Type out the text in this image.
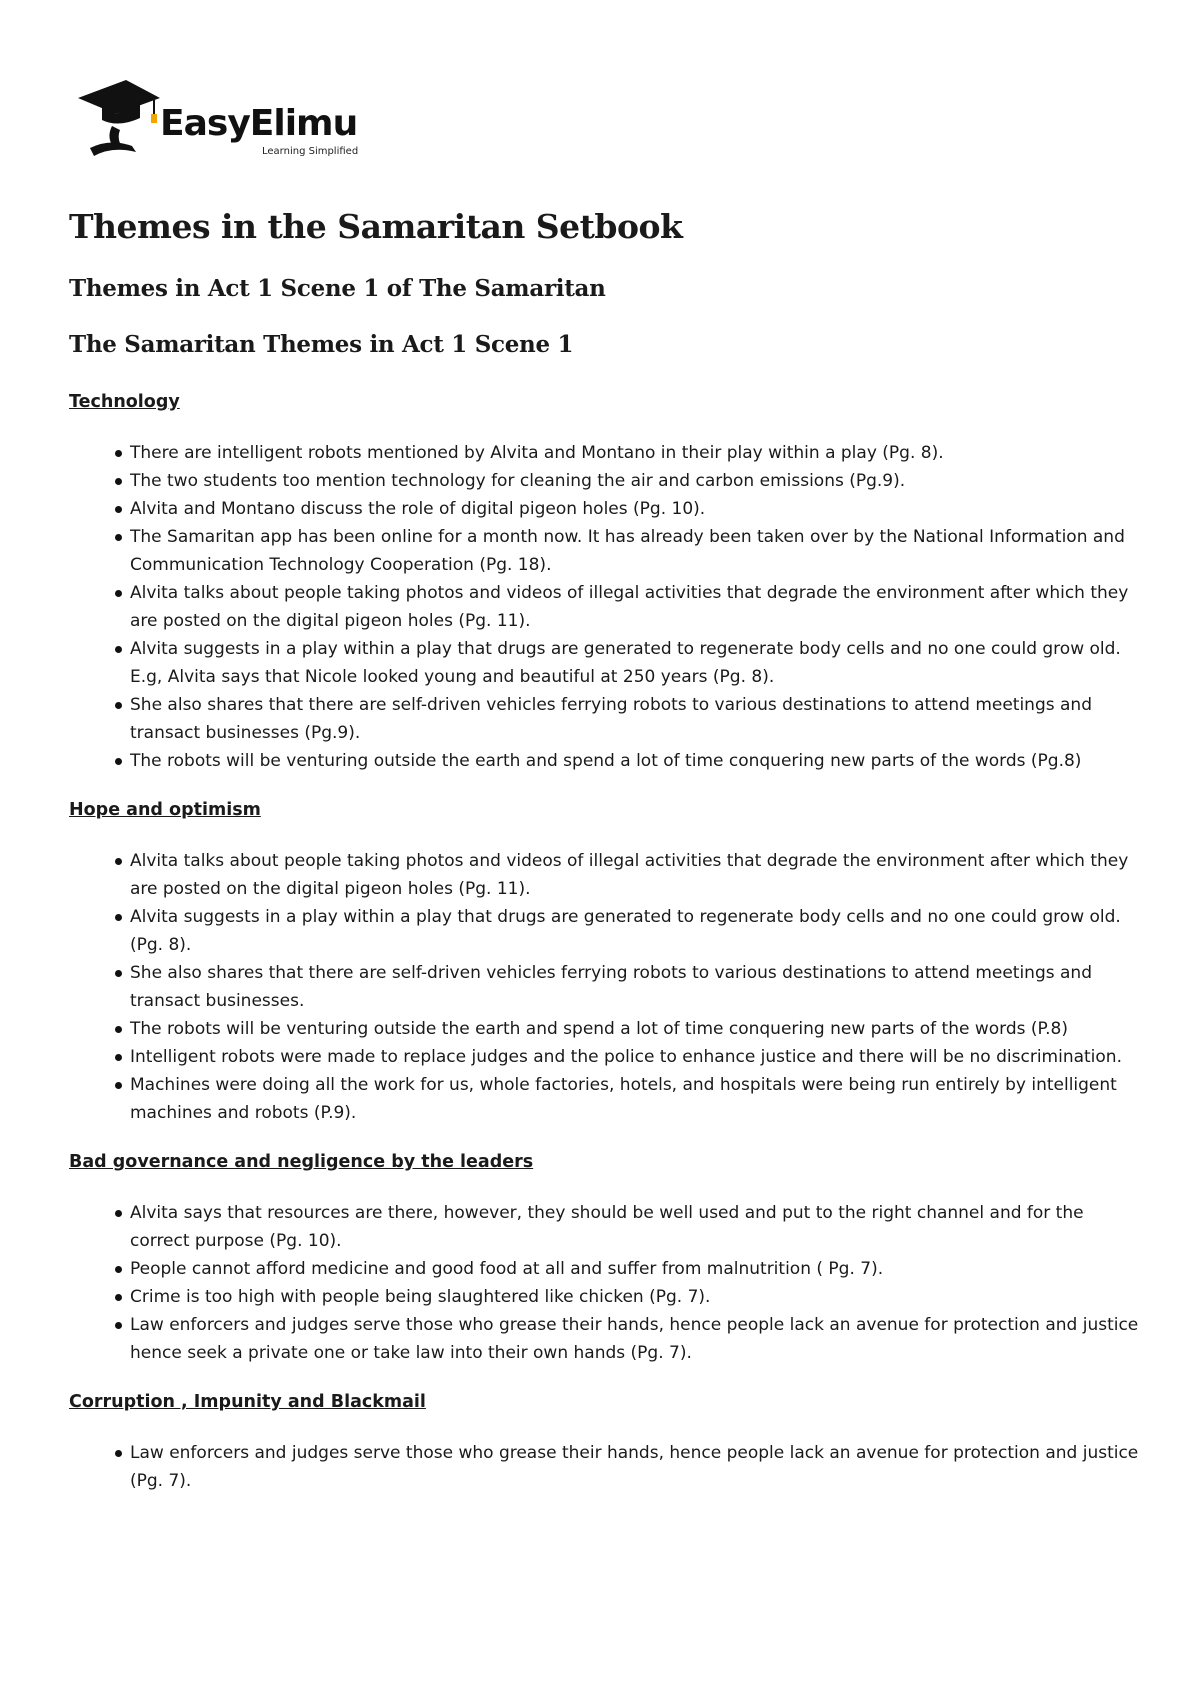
EasyElimu
Learning Simplified
Themes in the Samaritan Setbook
Themes in Act 1 Scene 1 of The Samaritan
The Samaritan Themes in Act 1 Scene 1
Technology
There are intelligent robots mentioned by Alvita and Montano in their play within a play (Pg. 8).
The two students too mention technology for cleaning the air and carbon emissions (Pg.9).
Alvita and Montano discuss the role of digital pigeon holes (Pg. 10).
The Samaritan app has been online for a month now. It has already been taken over by the National Information and Communication Technology Cooperation (Pg. 18).
Alvita talks about people taking photos and videos of illegal activities that degrade the environment after which they are posted on the digital pigeon holes (Pg. 11).
Alvita suggests in a play within a play that drugs are generated to regenerate body cells and no one could grow old. E.g, Alvita says that Nicole looked young and beautiful at 250 years (Pg. 8).
She also shares that there are self-driven vehicles ferrying robots to various destinations to attend meetings and transact businesses (Pg.9).
The robots will be venturing outside the earth and spend a lot of time conquering new parts of the words (Pg.8)
Hope and optimism
Alvita talks about people taking photos and videos of illegal activities that degrade the environment after which they are posted on the digital pigeon holes (Pg. 11).
Alvita suggests in a play within a play that drugs are generated to regenerate body cells and no one could grow old. (Pg. 8).
She also shares that there are self-driven vehicles ferrying robots to various destinations to attend meetings and transact businesses.
The robots will be venturing outside the earth and spend a lot of time conquering new parts of the words (P.8)
Intelligent robots were made to replace judges and the police to enhance justice and there will be no discrimination.
Machines were doing all the work for us, whole factories, hotels, and hospitals were being run entirely by intelligent machines and robots (P.9).
Bad governance and negligence by the leaders
Alvita says that resources are there, however, they should be well used and put to the right channel and for the correct purpose (Pg. 10).
People cannot afford medicine and good food at all and suffer from malnutrition ( Pg. 7).
Crime is too high with people being slaughtered like chicken (Pg. 7).
Law enforcers and judges serve those who grease their hands, hence people lack an avenue for protection and justice hence seek a private one or take law into their own hands (Pg. 7).
Corruption , Impunity and Blackmail
Law enforcers and judges serve those who grease their hands, hence people lack an avenue for protection and justice (Pg. 7).
